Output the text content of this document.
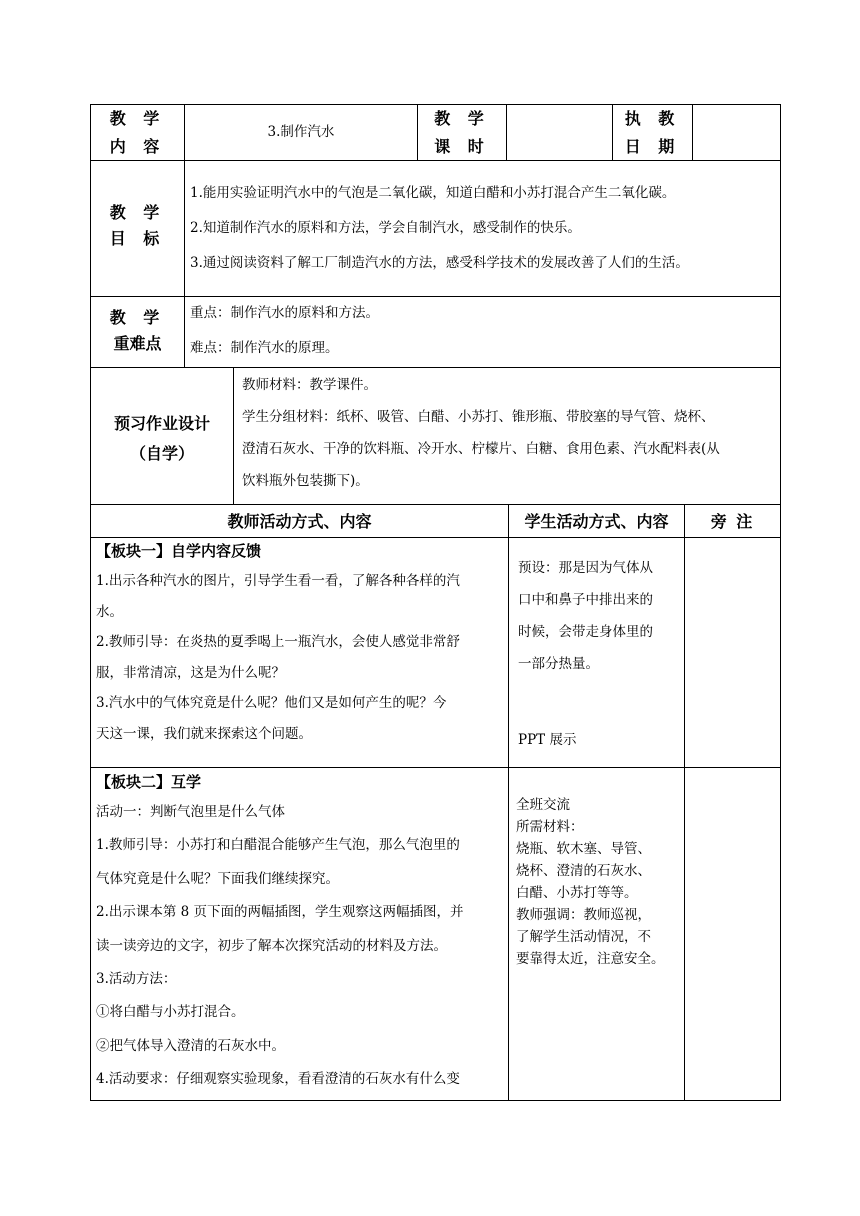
教 学

内 容

3.制作汽水

教 学

课 时

执 教

日 期

教 学

目 标

1.能用实验证明汽水中的气泡是二氧化碳，知道白醋和小苏打混合产生二氧化碳。

2.知道制作汽水的原料和方法，学会自制汽水，感受制作的快乐。

3.通过阅读资料了解工厂制造汽水的方法，感受科学技术的发展改善了人们的生活。

教 学

重难点

重点：制作汽水的原料和方法。

难点：制作汽水的原理。

预习作业设计

（自学）

教师材料：教学课件。

学生分组材料：纸杯、吸管、白醋、小苏打、锥形瓶、带胶塞的导气管、烧杯、

澄清石灰水、干净的饮料瓶、冷开水、柠檬片、白糖、食用色素、汽水配料表(从

饮料瓶外包装撕下)。

教师活动方式、内容	学生活动方式、内容	旁 注

【板块一】自学内容反馈

1.出示各种汽水的图片，引导学生看一看，了解各种各样的汽

水。

2.教师引导：在炎热的夏季喝上一瓶汽水，会使人感觉非常舒

服，非常清凉，这是为什么呢？

3.汽水中的气体究竟是什么呢？他们又是如何产生的呢？今

天这一课，我们就来探索这个问题。

预设：那是因为气体从

口中和鼻子中排出来的

时候，会带走身体里的

一部分热量。

PPT 展示

【板块二】互学

活动一：判断气泡里是什么气体

1.教师引导：小苏打和白醋混合能够产生气泡，那么气泡里的

气体究竟是什么呢？下面我们继续探究。

2.出示课本第 8 页下面的两幅插图，学生观察这两幅插图，并

读一读旁边的文字，初步了解本次探究活动的材料及方法。

3.活动方法：

①将白醋与小苏打混合。

②把气体导入澄清的石灰水中。

4.活动要求：仔细观察实验现象，看看澄清的石灰水有什么变

全班交流

所需材料：

烧瓶、软木塞、导管、

烧杯、澄清的石灰水、

白醋、小苏打等等。

教师强调：教师巡视，

了解学生活动情况，不

要靠得太近，注意安全。
